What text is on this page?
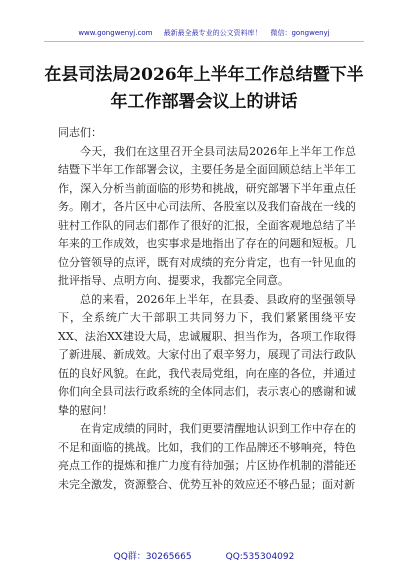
www.gongwenyj.com 最新最全最专业的公文资料库！ 微信：gongwenyj
在县司法局2026年上半年工作总结暨下半年工作部署会议上的讲话

同志们：

今天，我们在这里召开全县司法局2026年上半年工作总结暨下半年工作部署会议，主要任务是全面回顾总结上半年工作，深入分析当前面临的形势和挑战，研究部署下半年重点任务。刚才，各片区中心司法所、各股室以及我们奋战在一线的驻村工作队的同志们都作了很好的汇报，全面客观地总结了半年来的工作成效，也实事求是地指出了存在的问题和短板。几位分管领导的点评，既有对成绩的充分肯定，也有一针见血的批评指导、点明方向、提要求，我都完全同意。

总的来看，2026年上半年，在县委、县政府的坚强领导下，全系统广大干部职工共同努力下，我们紧紧围绕平安XX、法治XX建设大局，忠诚履职、担当作为，各项工作取得了新进展、新成效。大家付出了艰辛努力，展现了司法行政队伍的良好风貌。在此，我代表局党组，向在座的各位，并通过你们向全县司法行政系统的全体同志们，表示衷心的感谢和诚挚的慰问！

在肯定成绩的同时，我们更要清醒地认识到工作中存在的不足和面临的挑战。比如，我们的工作品牌还不够响亮，特色亮点工作的提炼和推广力度有待加强；片区协作机制的潜能还未完全激发，资源整合、优势互补的效应还不够凸显；面对新

QQ群：30265665	QQ:535304092
